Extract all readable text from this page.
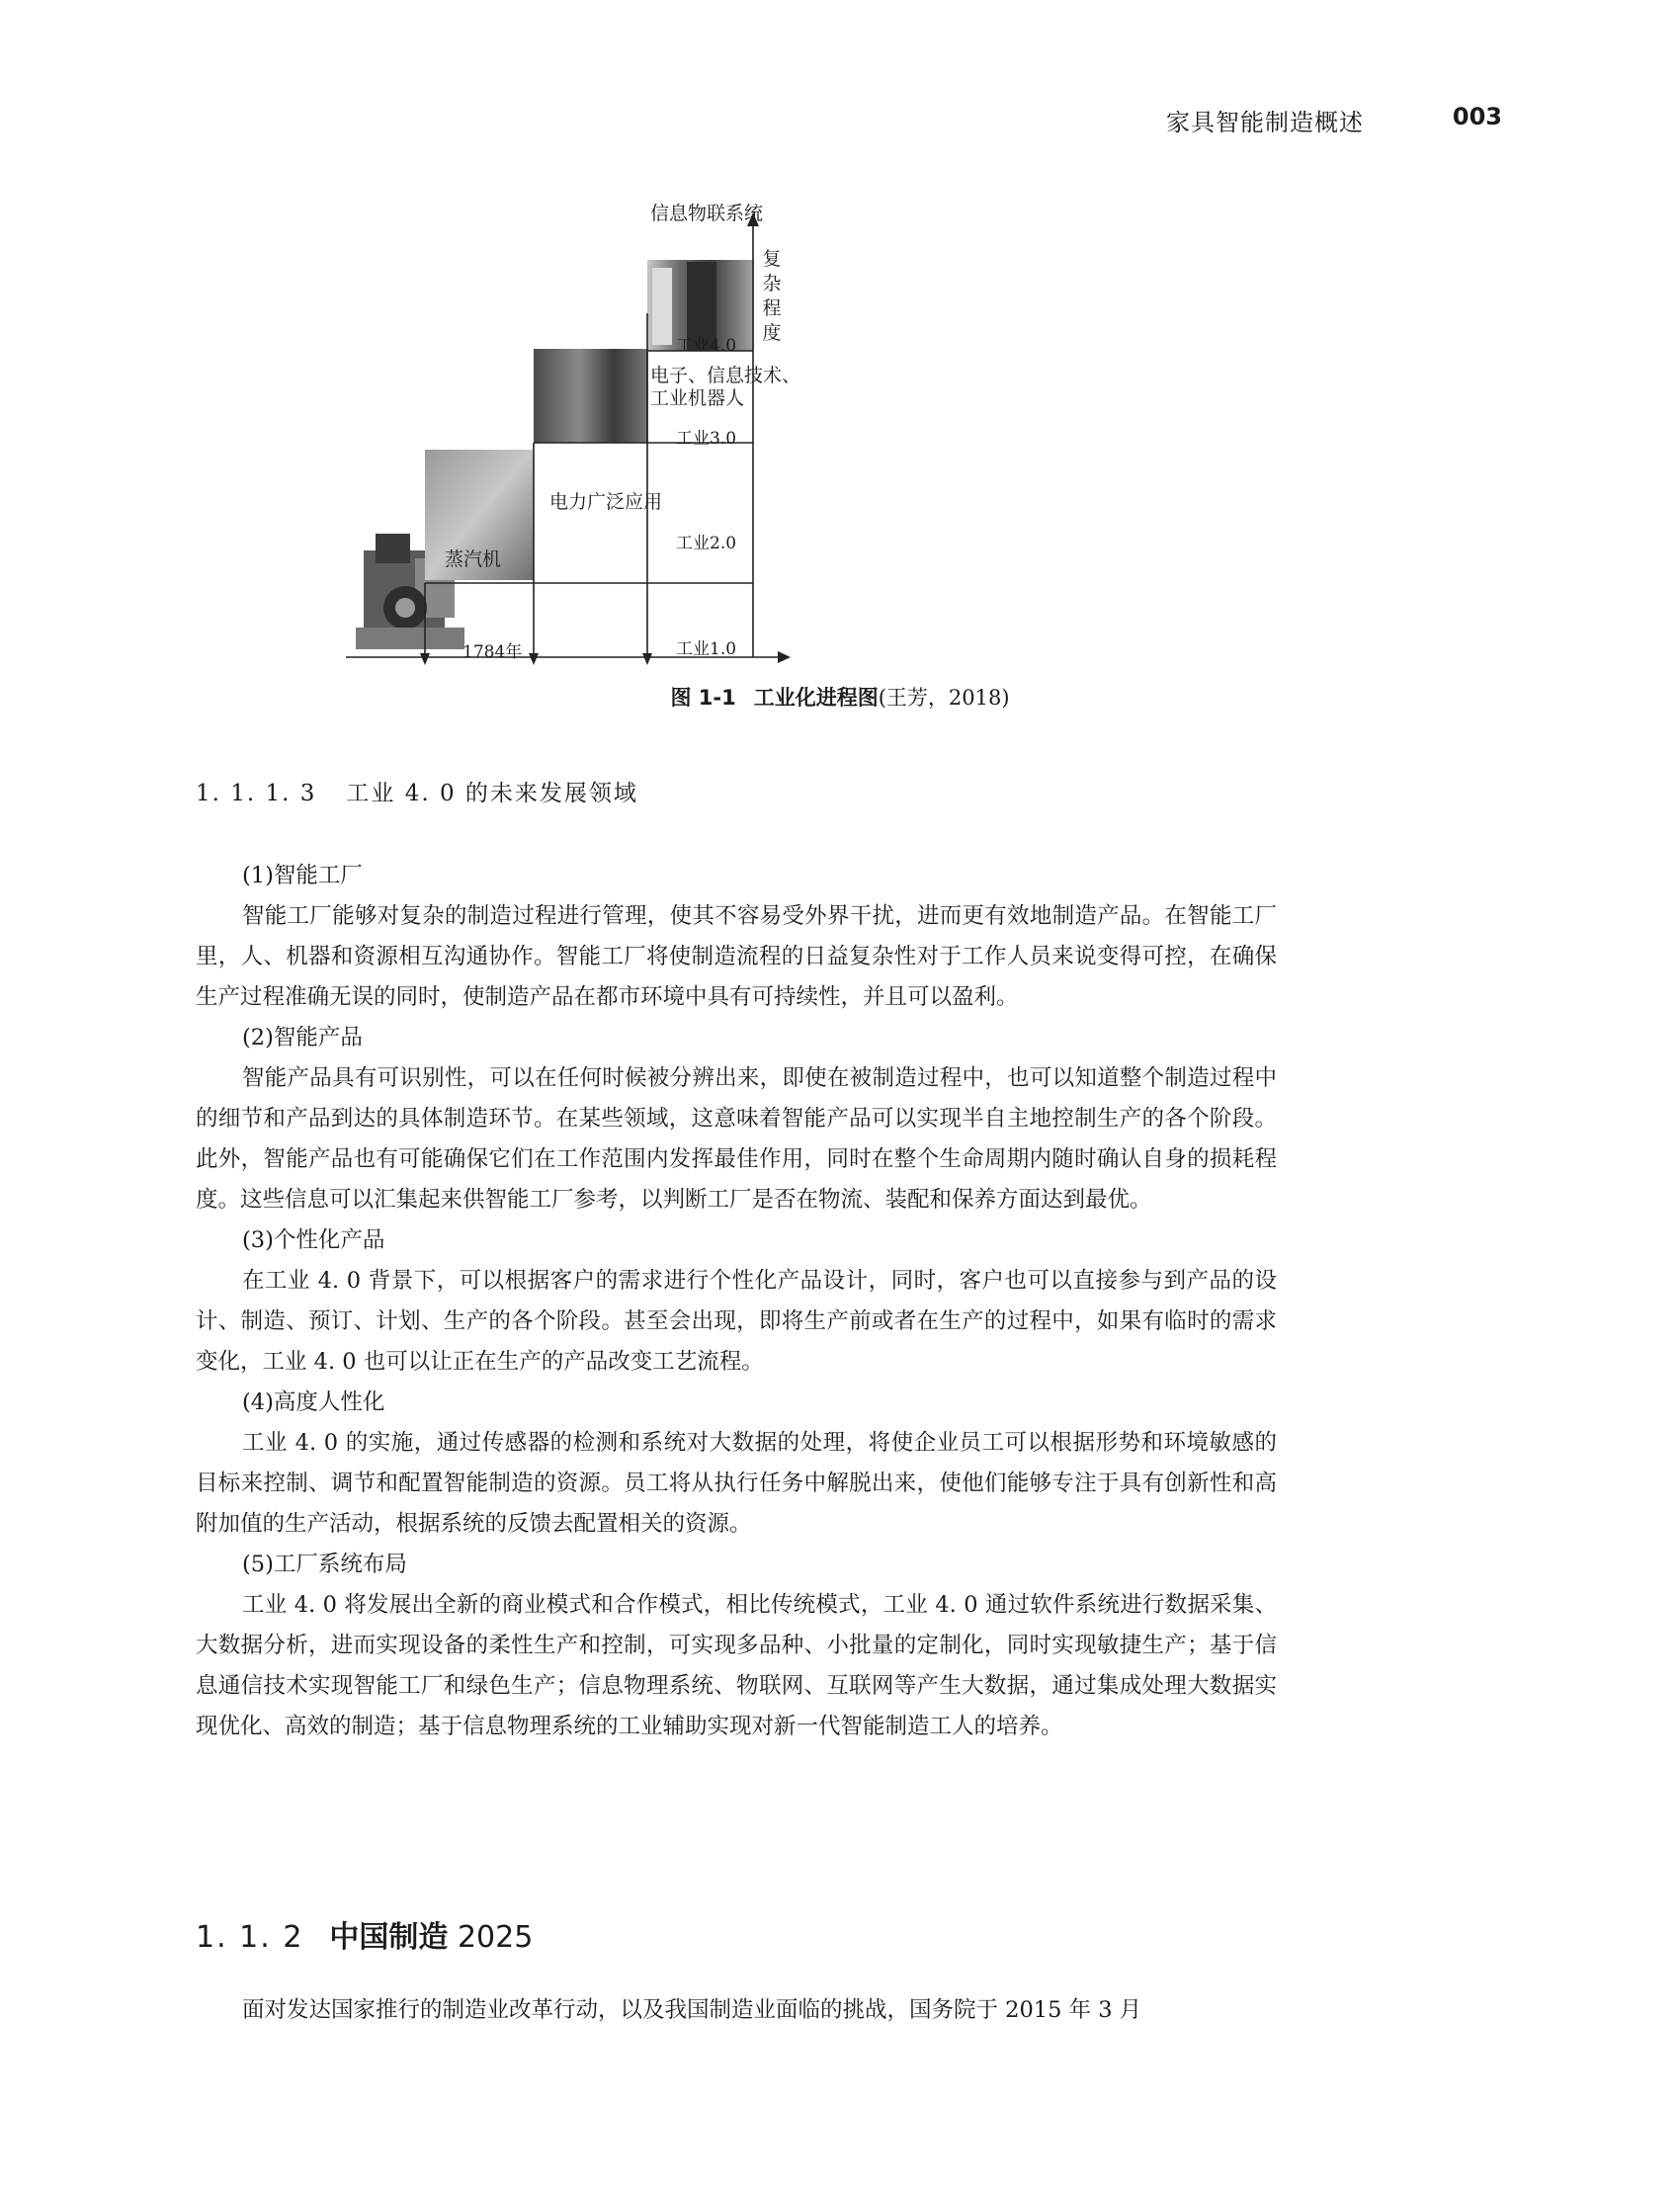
家具智能制造概述	003
信息物联系统
复杂程度
蒸汽机
1784年
电力广泛应用
电子、信息技术、
工业机器人
工业1.0
工业2.0
工业3.0
工业4.0
图 1-1 工业化进程图(王芳，2018)
1. 1. 1. 3 工业 4. 0 的未来发展领域
(1)智能工厂
智能工厂能够对复杂的制造过程进行管理，使其不容易受外界干扰，进而更有效地制造产品。在智能工厂里，人、机器和资源相互沟通协作。智能工厂将使制造流程的日益复杂性对于工作人员来说变得可控，在确保生产过程准确无误的同时，使制造产品在都市环境中具有可持续性，并且可以盈利。
(2)智能产品
智能产品具有可识别性，可以在任何时候被分辨出来，即使在被制造过程中，也可以知道整个制造过程中的细节和产品到达的具体制造环节。在某些领域，这意味着智能产品可以实现半自主地控制生产的各个阶段。此外，智能产品也有可能确保它们在工作范围内发挥最佳作用，同时在整个生命周期内随时确认自身的损耗程度。这些信息可以汇集起来供智能工厂参考，以判断工厂是否在物流、装配和保养方面达到最优。
(3)个性化产品
在工业 4. 0 背景下，可以根据客户的需求进行个性化产品设计，同时，客户也可以直接参与到产品的设计、制造、预订、计划、生产的各个阶段。甚至会出现，即将生产前或者在生产的过程中，如果有临时的需求变化，工业 4. 0 也可以让正在生产的产品改变工艺流程。
(4)高度人性化
工业 4. 0 的实施，通过传感器的检测和系统对大数据的处理，将使企业员工可以根据形势和环境敏感的目标来控制、调节和配置智能制造的资源。员工将从执行任务中解脱出来，使他们能够专注于具有创新性和高附加值的生产活动，根据系统的反馈去配置相关的资源。
(5)工厂系统布局
工业 4. 0 将发展出全新的商业模式和合作模式，相比传统模式，工业 4. 0 通过软件系统进行数据采集、大数据分析，进而实现设备的柔性生产和控制，可实现多品种、小批量的定制化，同时实现敏捷生产；基于信息通信技术实现智能工厂和绿色生产；信息物理系统、物联网、互联网等产生大数据，通过集成处理大数据实现优化、高效的制造；基于信息物理系统的工业辅助实现对新一代智能制造工人的培养。
1. 1. 2 中国制造 2025
面对发达国家推行的制造业改革行动，以及我国制造业面临的挑战，国务院于 2015 年 3 月
